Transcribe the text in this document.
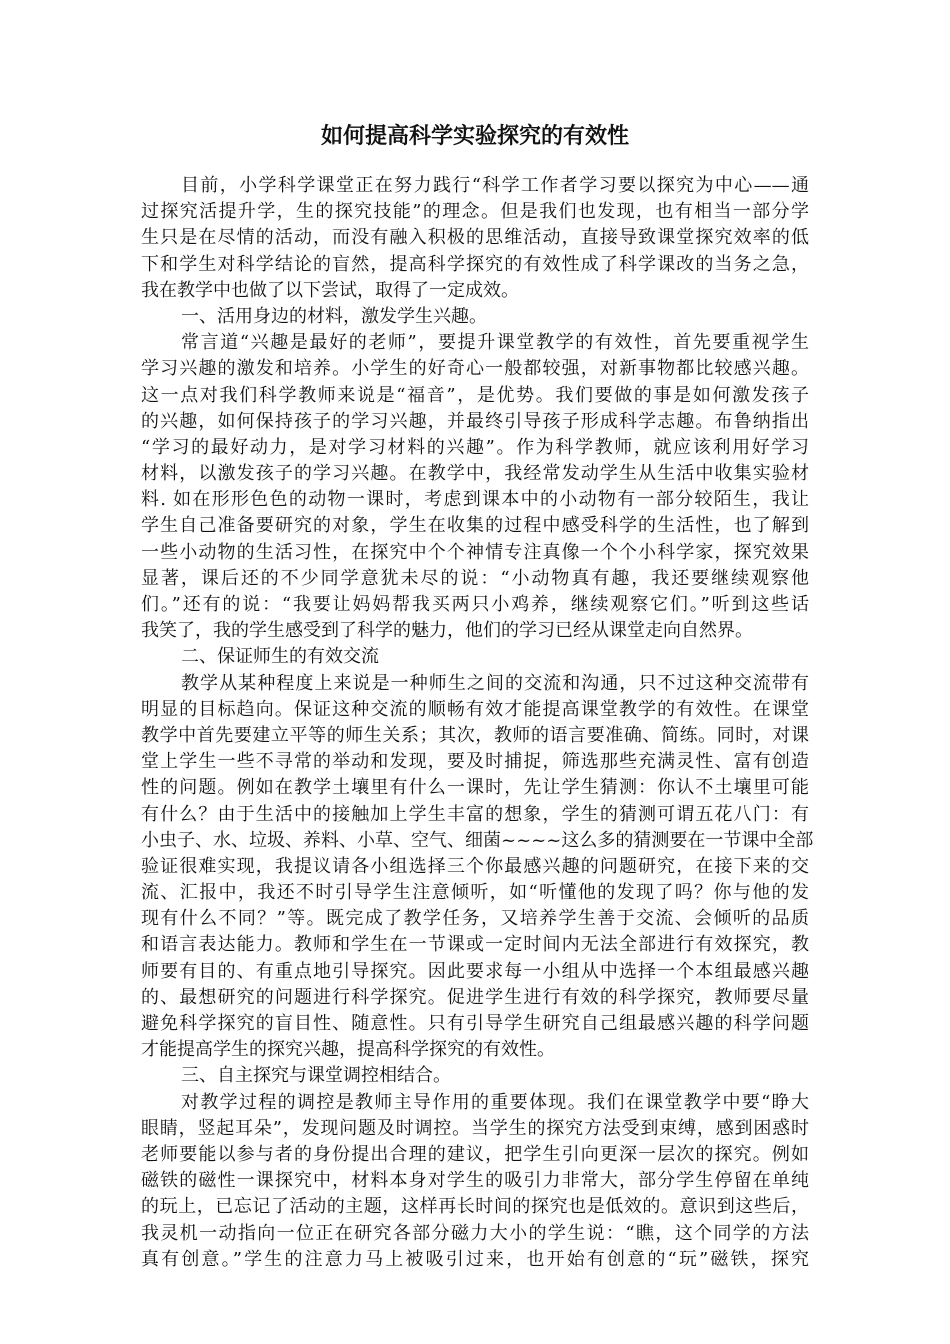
如何提高科学实验探究的有效性
目前，小学科学课堂正在努力践行“科学工作者学习要以探究为中心——通
过探究活提升学，生的探究技能”的理念。但是我们也发现，也有相当一部分学
生只是在尽情的活动，而没有融入积极的思维活动，直接导致课堂探究效率的低
下和学生对科学结论的盲然，提高科学探究的有效性成了科学课改的当务之急，
我在教学中也做了以下尝试，取得了一定成效。
一、活用身边的材料，激发学生兴趣。
常言道“兴趣是最好的老师”，要提升课堂教学的有效性，首先要重视学生
学习兴趣的激发和培养。小学生的好奇心一般都较强，对新事物都比较感兴趣。
这一点对我们科学教师来说是“福音”，是优势。我们要做的事是如何激发孩子
的兴趣，如何保持孩子的学习兴趣，并最终引导孩子形成科学志趣。布鲁纳指出
“学习的最好动力，是对学习材料的兴趣”。作为科学教师，就应该利用好学习
材料，以激发孩子的学习兴趣。在教学中，我经常发动学生从生活中收集实验材
料. 如在形形色色的动物一课时，考虑到课本中的小动物有一部分较陌生，我让
学生自己准备要研究的对象，学生在收集的过程中感受科学的生活性，也了解到
一些小动物的生活习性，在探究中个个神情专注真像一个个小科学家，探究效果
显著，课后还的不少同学意犹未尽的说：“小动物真有趣，我还要继续观察他
们。”还有的说：“我要让妈妈帮我买两只小鸡养，继续观察它们。”听到这些话
我笑了，我的学生感受到了科学的魅力，他们的学习已经从课堂走向自然界。
二、保证师生的有效交流
教学从某种程度上来说是一种师生之间的交流和沟通，只不过这种交流带有
明显的目标趋向。保证这种交流的顺畅有效才能提高课堂教学的有效性。在课堂
教学中首先要建立平等的师生关系；其次，教师的语言要准确、简练。同时，对课
堂上学生一些不寻常的举动和发现，要及时捕捉，筛选那些充满灵性、富有创造
性的问题。例如在教学土壤里有什么一课时，先让学生猜测：你认不土壤里可能
有什么？由于生活中的接触加上学生丰富的想象，学生的猜测可谓五花八门：有
小虫子、水、垃圾、养料、小草、空气、细菌~~~~这么多的猜测要在一节课中全部
验证很难实现，我提议请各小组选择三个你最感兴趣的问题研究，在接下来的交
流、汇报中，我还不时引导学生注意倾听，如“听懂他的发现了吗？你与他的发
现有什么不同？”等。既完成了教学任务，又培养学生善于交流、会倾听的品质
和语言表达能力。教师和学生在一节课或一定时间内无法全部进行有效探究，教
师要有目的、有重点地引导探究。因此要求每一小组从中选择一个本组最感兴趣
的、最想研究的问题进行科学探究。促进学生进行有效的科学探究，教师要尽量
避免科学探究的盲目性、随意性。只有引导学生研究自己组最感兴趣的科学问题
才能提高学生的探究兴趣，提高科学探究的有效性。
三、自主探究与课堂调控相结合。
对教学过程的调控是教师主导作用的重要体现。我们在课堂教学中要“睁大
眼睛，竖起耳朵”，发现问题及时调控。当学生的探究方法受到束缚，感到困惑时
老师要能以参与者的身份提出合理的建议，把学生引向更深一层次的探究。例如
磁铁的磁性一课探究中，材料本身对学生的吸引力非常大，部分学生停留在单纯
的玩上，已忘记了活动的主题，这样再长时间的探究也是低效的。意识到这些后，
我灵机一动指向一位正在研究各部分磁力大小的学生说：“瞧，这个同学的方法
真有创意。”学生的注意力马上被吸引过来，也开始有创意的“玩”磁铁，探究
